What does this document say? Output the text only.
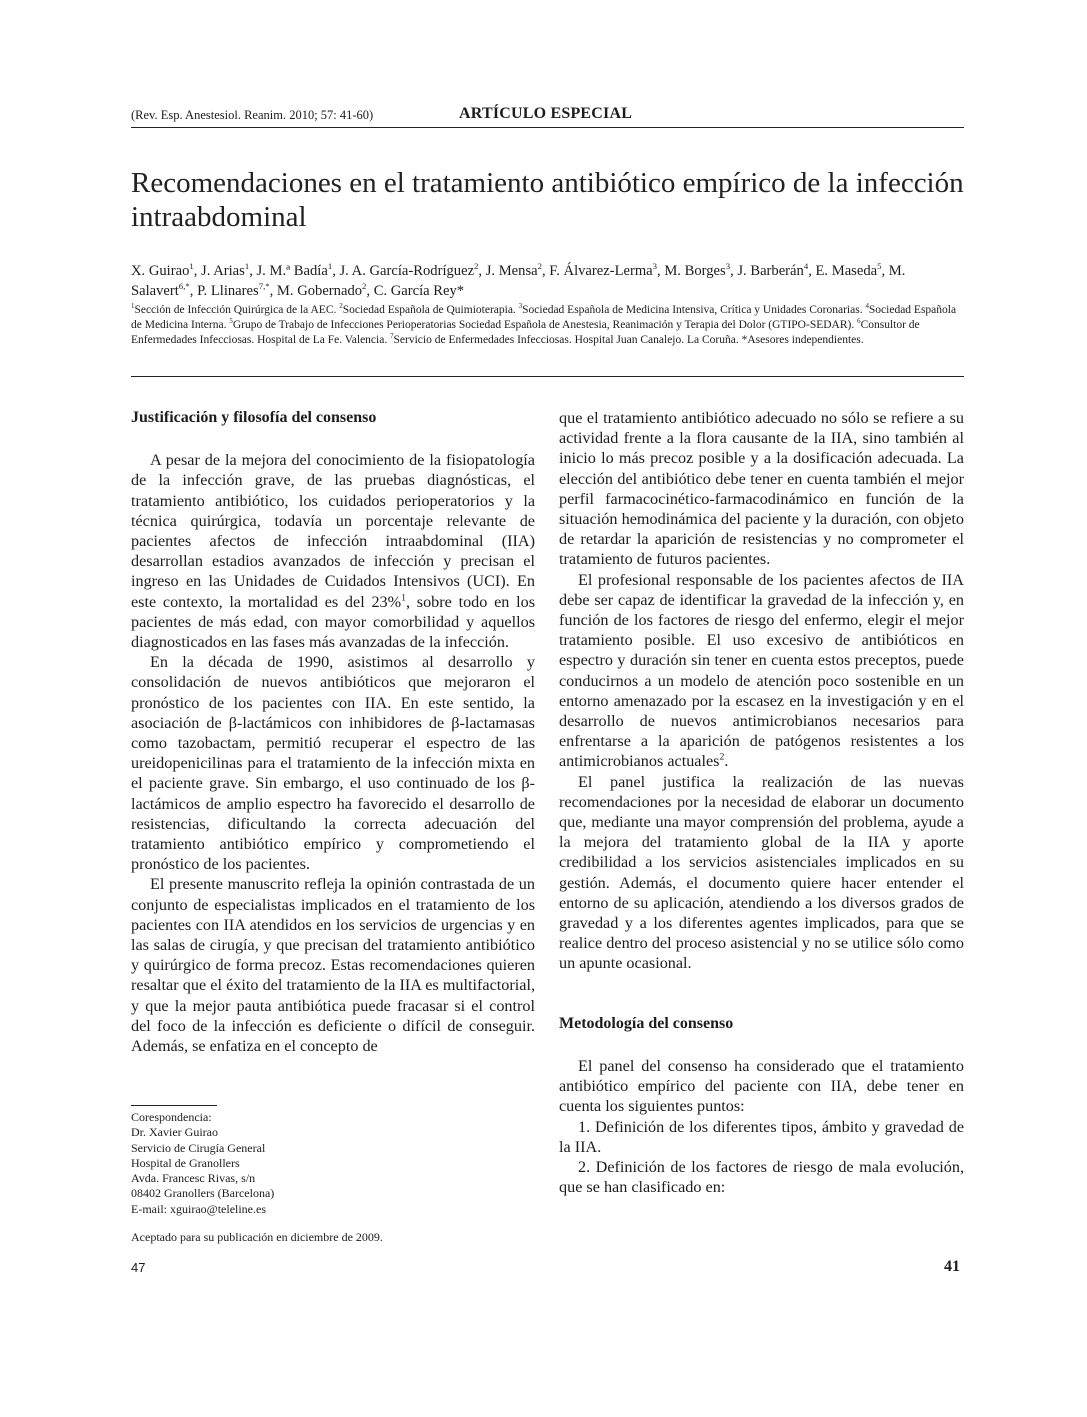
(Rev. Esp. Anestesiol. Reanim. 2010; 57: 41-60)	ARTÍCULO ESPECIAL
Recomendaciones en el tratamiento antibiótico empírico de la infección intraabdominal

X. Guirao$^1$, J. Arias$^1$, J. M.ª Badía$^1$, J. A. García-Rodríguez$^2$, J. Mensa$^2$, F. Álvarez-Lerma$^3$, M. Borges$^3$, J. Barberán$^4$, E. Maseda$^5$, M. Salavert$^{6,*}$, P. Llinares$^{7,*}$, M. Gobernado$^2$, C. García Rey*

$^1$Sección de Infección Quirúrgica de la AEC. $^2$Sociedad Española de Quimioterapia. $^3$Sociedad Española de Medicina Intensiva, Crítica y Unidades Coronarias. $^4$Sociedad Española de Medicina Interna. $^5$Grupo de Trabajo de Infecciones Perioperatorias Sociedad Española de Anestesia, Reanimación y Terapia del Dolor (GTIPO-SEDAR). $^6$Consultor de Enfermedades Infecciosas. Hospital de La Fe. Valencia. $^7$Servicio de Enfermedades Infecciosas. Hospital Juan Canalejo. La Coruña. *Asesores independientes.

Justificación y filosofía del consenso

A pesar de la mejora del conocimiento de la fisiopatología de la infección grave, de las pruebas diagnósticas, el tratamiento antibiótico, los cuidados perioperatorios y la técnica quirúrgica, todavía un porcentaje relevante de pacientes afectos de infección intraabdominal (IIA) desarrollan estadios avanzados de infección y precisan el ingreso en las Unidades de Cuidados Intensivos (UCI). En este contexto, la mortalidad es del 23%$^1$, sobre todo en los pacientes de más edad, con mayor comorbilidad y aquellos diagnosticados en las fases más avanzadas de la infección.

En la década de 1990, asistimos al desarrollo y consolidación de nuevos antibióticos que mejoraron el pronóstico de los pacientes con IIA. En este sentido, la asociación de β-lactámicos con inhibidores de β-lactamasas como tazobactam, permitió recuperar el espectro de las ureidopenicilinas para el tratamiento de la infección mixta en el paciente grave. Sin embargo, el uso continuado de los β-lactámicos de amplio espectro ha favorecido el desarrollo de resistencias, dificultando la correcta adecuación del tratamiento antibiótico empírico y comprometiendo el pronóstico de los pacientes.

El presente manuscrito refleja la opinión contrastada de un conjunto de especialistas implicados en el tratamiento de los pacientes con IIA atendidos en los servicios de urgencias y en las salas de cirugía, y que precisan del tratamiento antibiótico y quirúrgico de forma precoz. Estas recomendaciones quieren resaltar que el éxito del tratamiento de la IIA es multifactorial, y que la mejor pauta antibiótica puede fracasar si el control del foco de la infección es deficiente o difícil de conseguir. Además, se enfatiza en el concepto de

que el tratamiento antibiótico adecuado no sólo se refiere a su actividad frente a la flora causante de la IIA, sino también al inicio lo más precoz posible y a la dosificación adecuada. La elección del antibiótico debe tener en cuenta también el mejor perfil farmacocinético-farmacodinámico en función de la situación hemodinámica del paciente y la duración, con objeto de retardar la aparición de resistencias y no comprometer el tratamiento de futuros pacientes.

El profesional responsable de los pacientes afectos de IIA debe ser capaz de identificar la gravedad de la infección y, en función de los factores de riesgo del enfermo, elegir el mejor tratamiento posible. El uso excesivo de antibióticos en espectro y duración sin tener en cuenta estos preceptos, puede conducirnos a un modelo de atención poco sostenible en un entorno amenazado por la escasez en la investigación y en el desarrollo de nuevos antimicrobianos necesarios para enfrentarse a la aparición de patógenos resistentes a los antimicrobianos actuales$^2$.

El panel justifica la realización de las nuevas recomendaciones por la necesidad de elaborar un documento que, mediante una mayor comprensión del problema, ayude a la mejora del tratamiento global de la IIA y aporte credibilidad a los servicios asistenciales implicados en su gestión. Además, el documento quiere hacer entender el entorno de su aplicación, atendiendo a los diversos grados de gravedad y a los diferentes agentes implicados, para que se realice dentro del proceso asistencial y no se utilice sólo como un apunte ocasional.

Metodología del consenso

El panel del consenso ha considerado que el tratamiento antibiótico empírico del paciente con IIA, debe tener en cuenta los siguientes puntos:

1. Definición de los diferentes tipos, ámbito y gravedad de la IIA.

2. Definición de los factores de riesgo de mala evolución, que se han clasificado en:

Corespondencia:
Dr. Xavier Guirao
Servicio de Cirugía General
Hospital de Granollers
Avda. Francesc Rivas, s/n
08402 Granollers (Barcelona)
E-mail: xguirao@teleline.es
Aceptado para su publicación en diciembre de 2009.
47	41
